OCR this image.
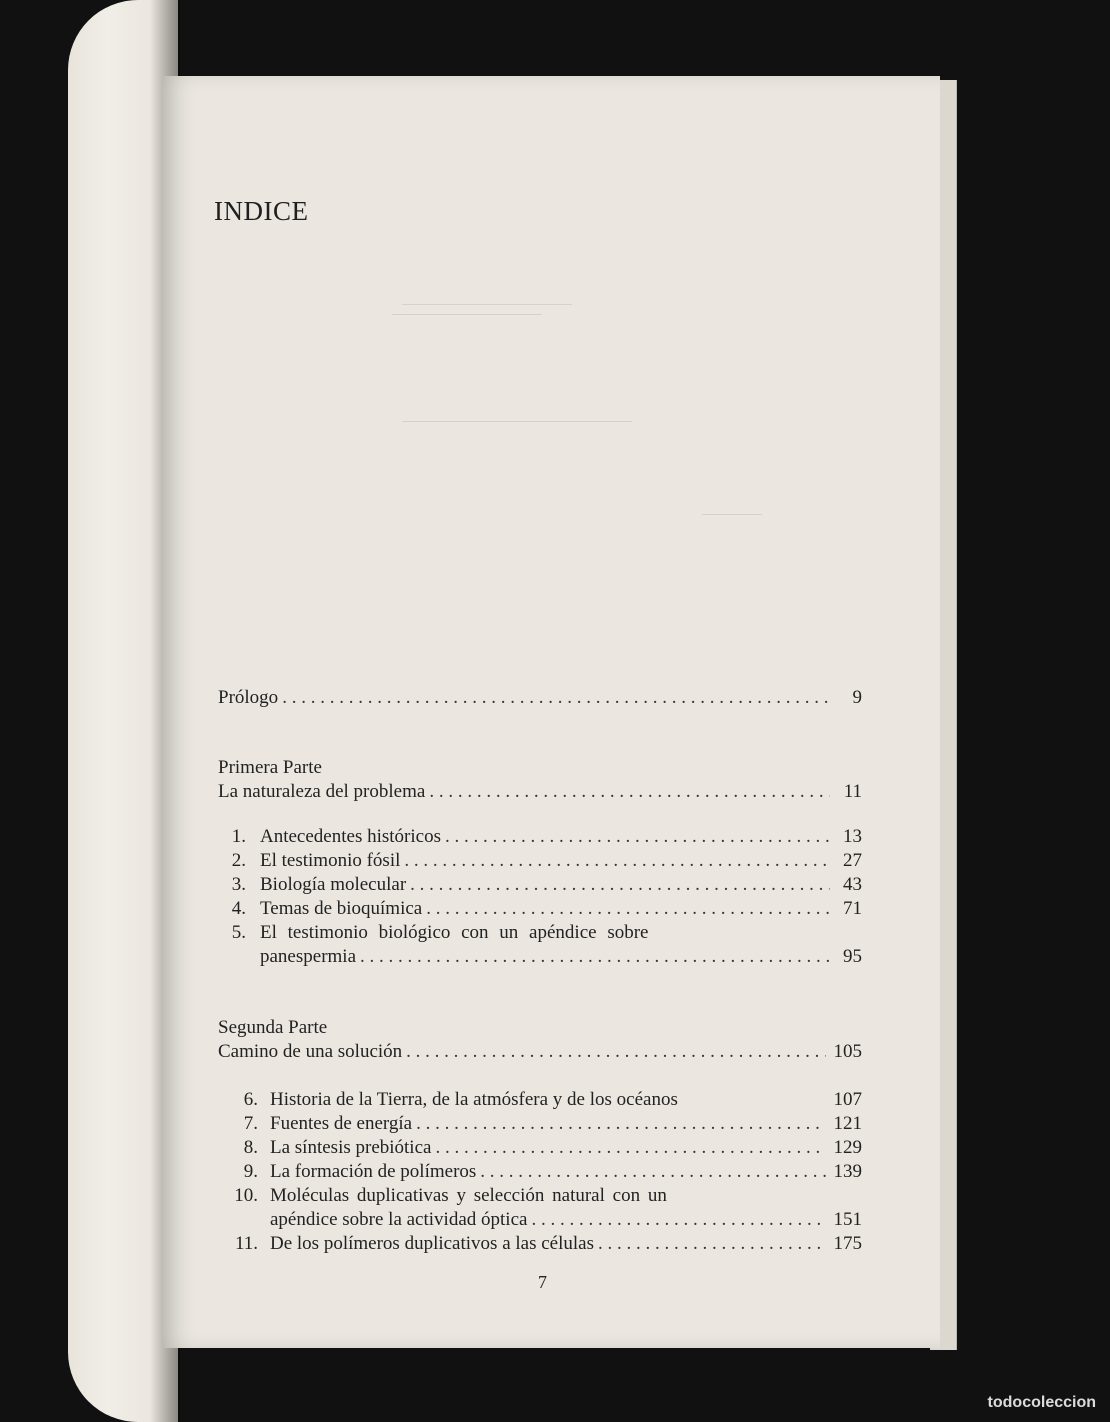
INDICE
Prólogo . . .	9
Primera Parte
La naturaleza del problema . . .	11
1. Antecedentes históricos . . .	13
2. El testimonio fósil . . .	27
3. Biología molecular . . .	43
4. Temas de bioquímica . . .	71
5. El testimonio biológico con un apéndice sobre
panespermia . . .	95
Segunda Parte
Camino de una solución . . .	105
6. Historia de la Tierra, de la atmósfera y de los océanos	107
7. Fuentes de energía . . .	121
8. La síntesis prebiótica . . .	129
9. La formación de polímeros . . .	139
10. Moléculas duplicativas y selección natural con un
apéndice sobre la actividad óptica . . .	151
11. De los polímeros duplicativos a las células . . .	175
7
todocoleccion
